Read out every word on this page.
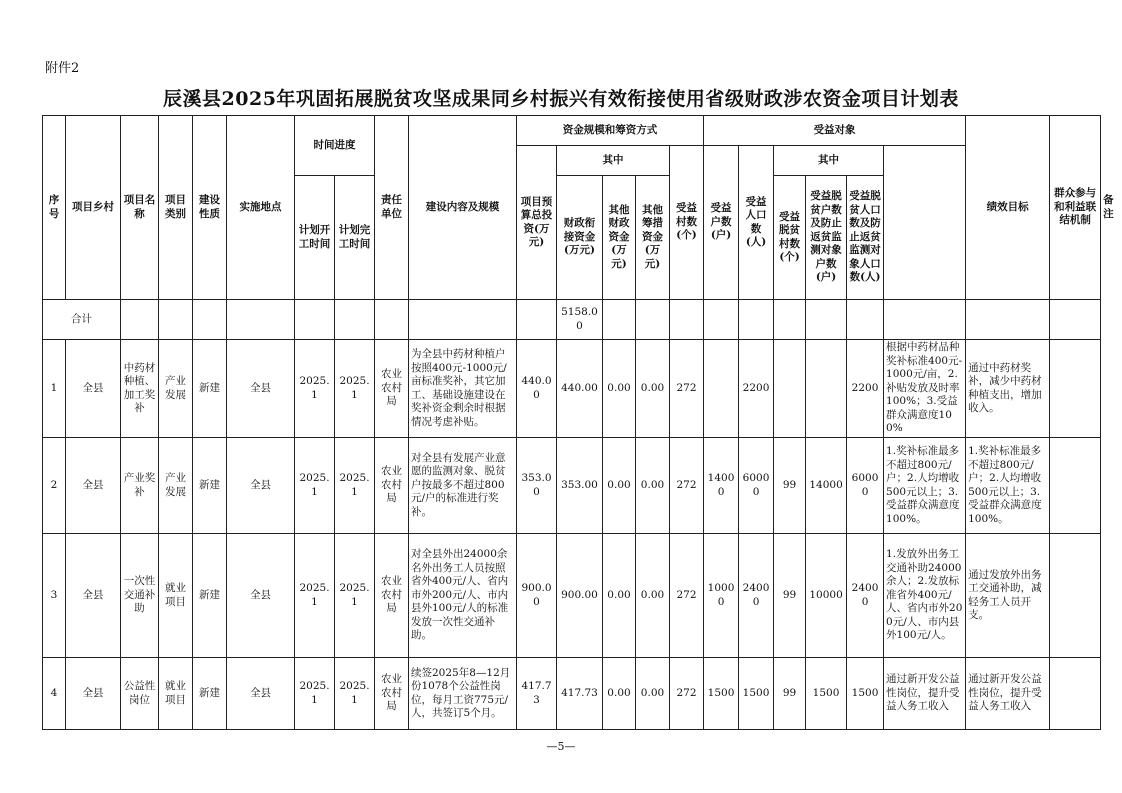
附件2
辰溪县2025年巩固拓展脱贫攻坚成果同乡村振兴有效衔接使用省级财政涉农资金项目计划表
序号	项目乡村	项目名称	项目类别	建设性质	实施地点	时间进度		责任单位	建设内容及规模	资金规模和筹资方式					受益对象						绩效目标	群众参与和利益联结机制	备注
										项目预算总投资(万元)	其中			受益村数(个)	受益户数(户)	受益人口数(人)	其中						
						计划开工时间	计划完工时间				财政衔接资金(万元)	其他财政资金(万元)	其他筹措资金(万元)				受益脱贫村数(个)	受益脱贫户数及防止返贫监测对象户数(户)	受益脱贫人口数及防止返贫监测对象人口数(人)				
合计											5158.00												
1	全县	中药材种植、加工奖补	产业发展	新建	全县	2025.1	2025.1	农业农村局	为全县中药材种植户按照400元-1000元/亩标准奖补，其它加工、基础设施建设在奖补资金剩余时根据情况考虑补贴。	440.00	440.00	0.00	0.00	272		2200			2200	根据中药材品种奖补标准400元-1000元/亩，2.补贴发放及时率100%；3.受益群众满意度100%	通过中药材奖补，减少中药材种植支出，增加收入。		
2	全县	产业奖补	产业发展	新建	全县	2025.1	2025.1	农业农村局	对全县有发展产业意愿的监测对象、脱贫户按最多不超过800元/户的标准进行奖补。	353.00	353.00	0.00	0.00	272	14000	60000	99	14000	60000	1.奖补标准最多不超过800元/户；2.人均增收500元以上；3.受益群众满意度100%。	1.奖补标准最多不超过800元/户；2.人均增收500元以上；3.受益群众满意度100%。		
3	全县	一次性交通补助	就业项目	新建	全县	2025.1	2025.1	农业农村局	对全县外出24000余名外出务工人员按照省外400元/人、省内市外200元/人、市内县外100元/人的标准发放一次性交通补助。	900.00	900.00	0.00	0.00	272	10000	24000	99	10000	24000	1.发放外出务工交通补助24000余人；2.发放标准省外400元/人、省内市外200元/人、市内县外100元/人。	通过发放外出务工交通补助，减轻务工人员开支。		
4	全县	公益性岗位	就业项目	新建	全县	2025.1	2025.1	农业农村局	续签2025年8—12月份1078个公益性岗位，每月工资775元/人，共签订5个月。	417.73	417.73	0.00	0.00	272	1500	1500	99	1500	1500	通过新开发公益性岗位，提升受益人务工收入	通过新开发公益性岗位，提升受益人务工收入		
—5—
